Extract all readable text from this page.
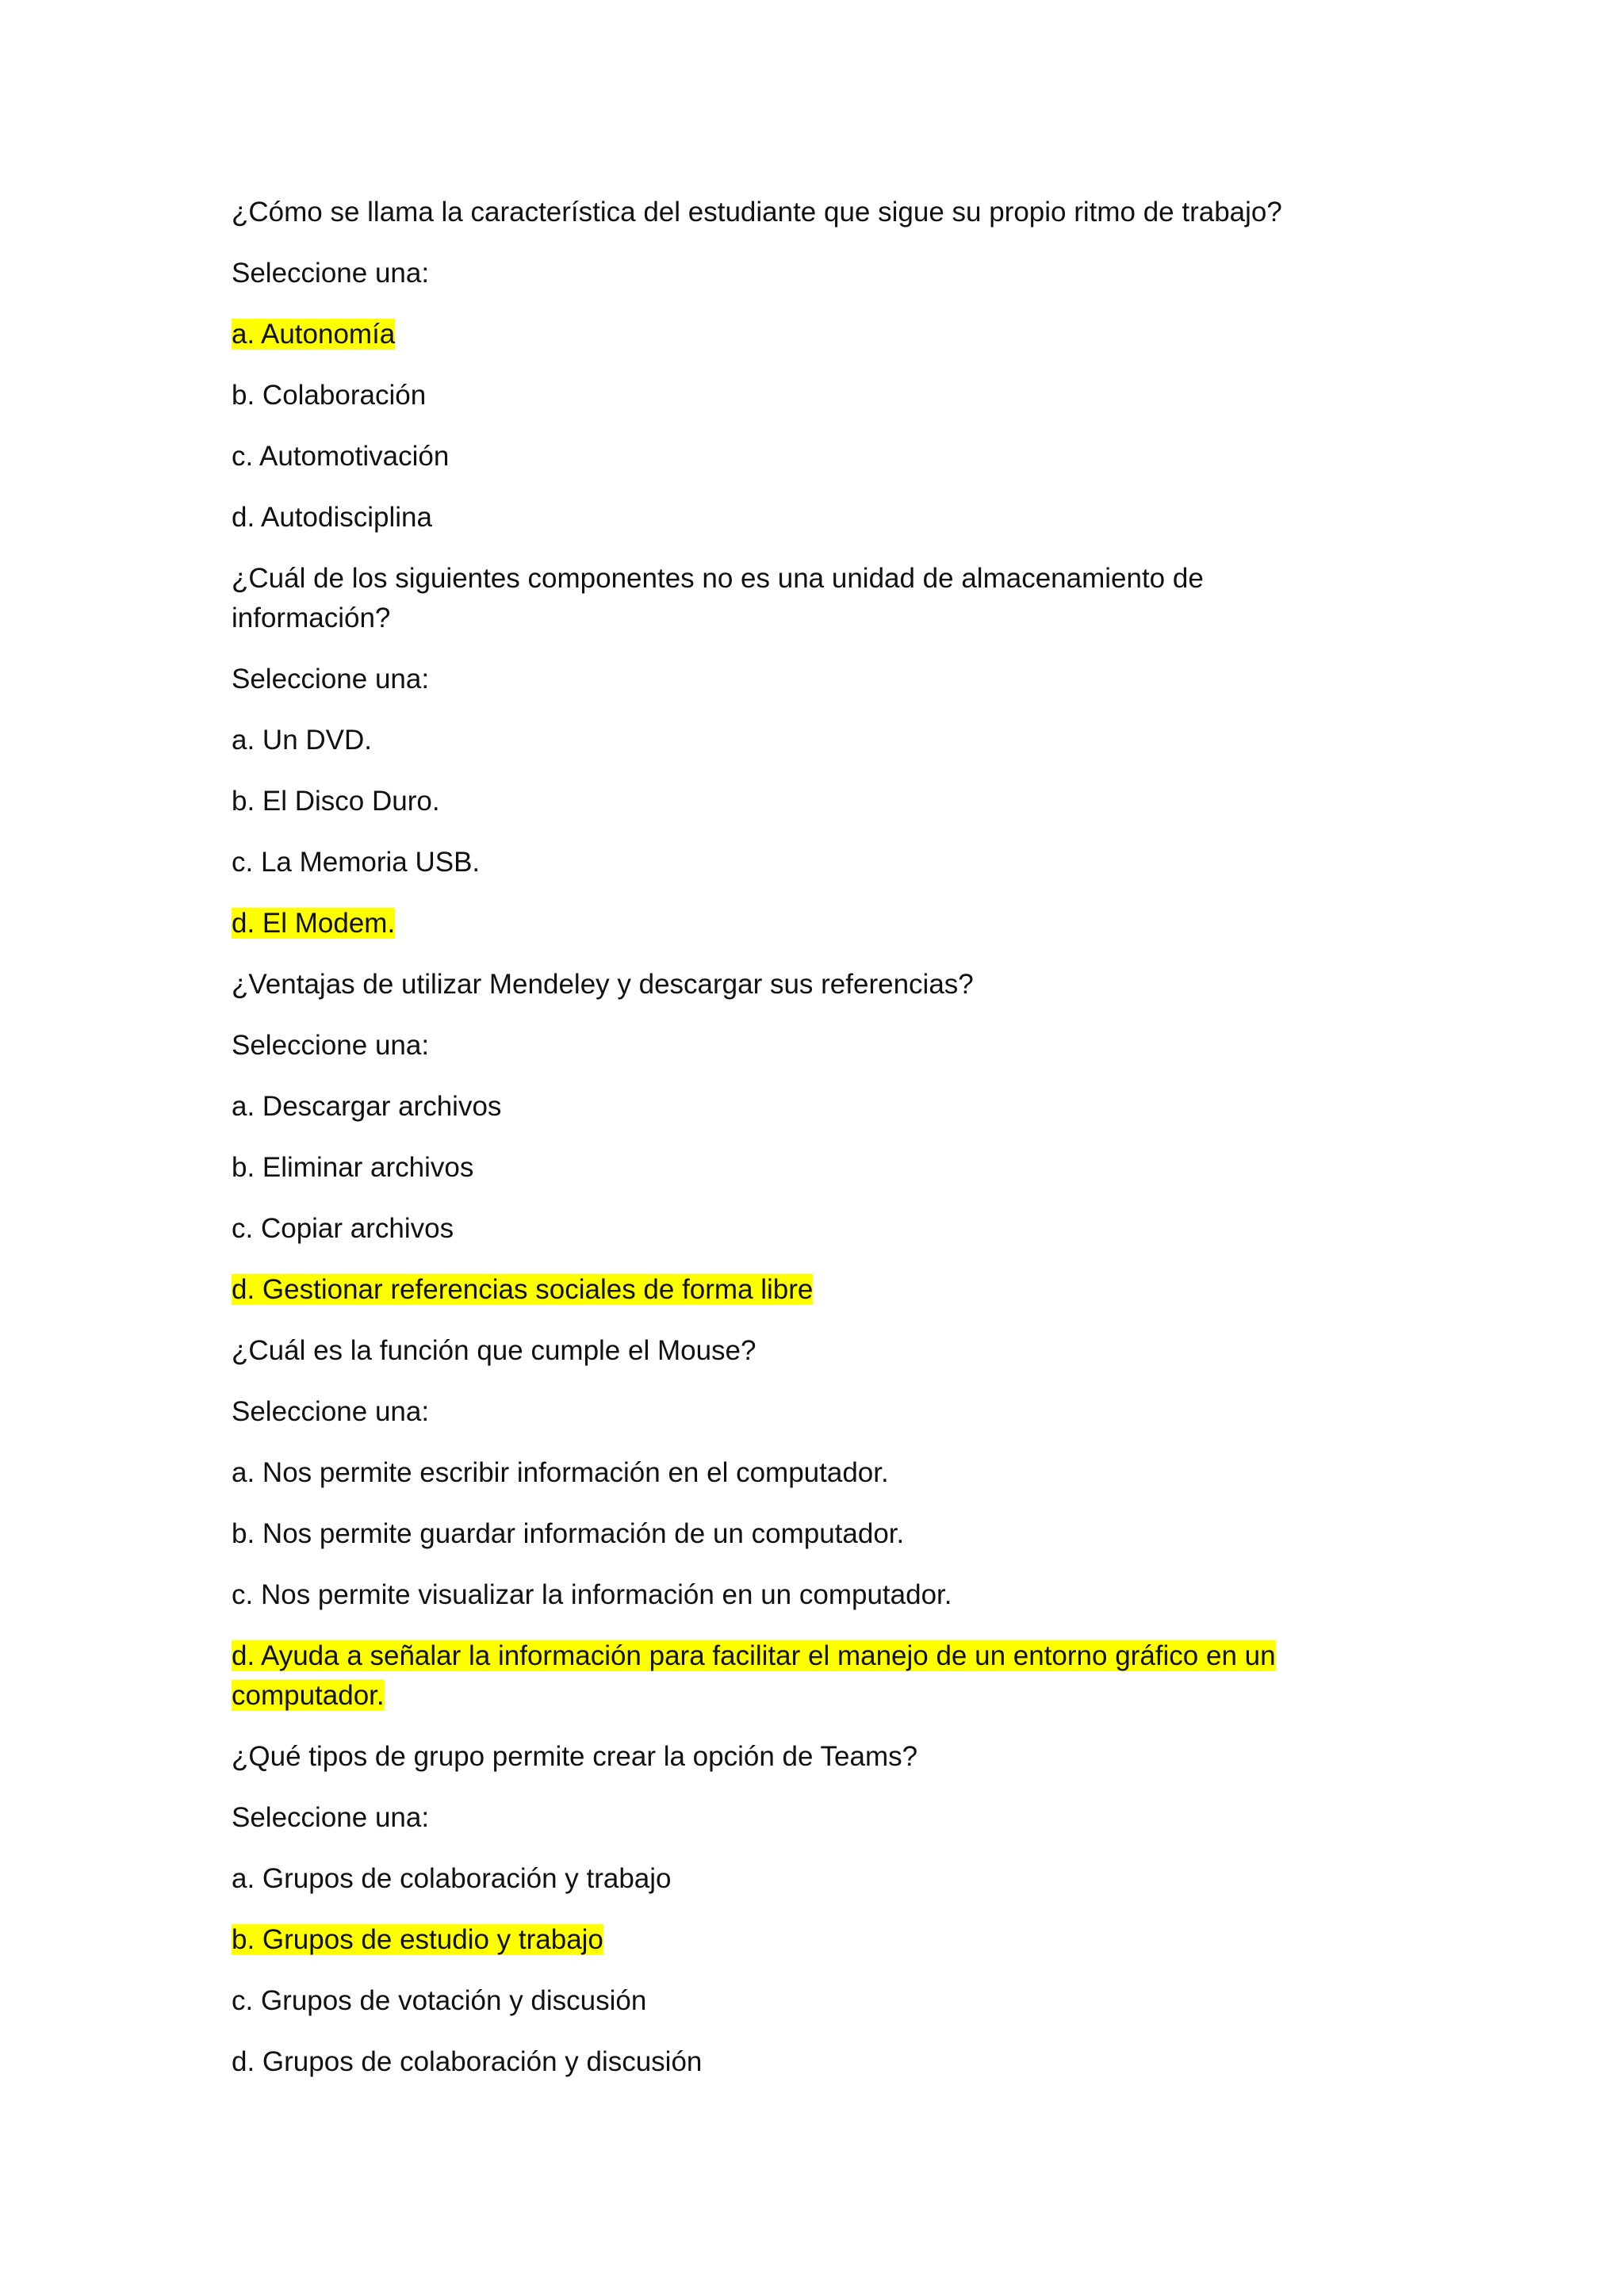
¿Cómo se llama la característica del estudiante que sigue su propio ritmo de trabajo?
Seleccione una:
a. Autonomía
b. Colaboración
c. Automotivación
d. Autodisciplina
¿Cuál de los siguientes componentes no es una unidad de almacenamiento de información?
Seleccione una:
a. Un DVD.
b. El Disco Duro.
c. La Memoria USB.
d. El Modem.
¿Ventajas de utilizar Mendeley y descargar sus referencias?
Seleccione una:
a. Descargar archivos
b. Eliminar archivos
c. Copiar archivos
d. Gestionar referencias sociales de forma libre
¿Cuál es la función que cumple el Mouse?
Seleccione una:
a. Nos permite escribir información en el computador.
b. Nos permite guardar información de un computador.
c. Nos permite visualizar la información en un computador.
d. Ayuda a señalar la información para facilitar el manejo de un entorno gráfico en un computador.
¿Qué tipos de grupo permite crear la opción de Teams?
Seleccione una:
a. Grupos de colaboración y trabajo
b. Grupos de estudio y trabajo
c. Grupos de votación y discusión
d. Grupos de colaboración y discusión
